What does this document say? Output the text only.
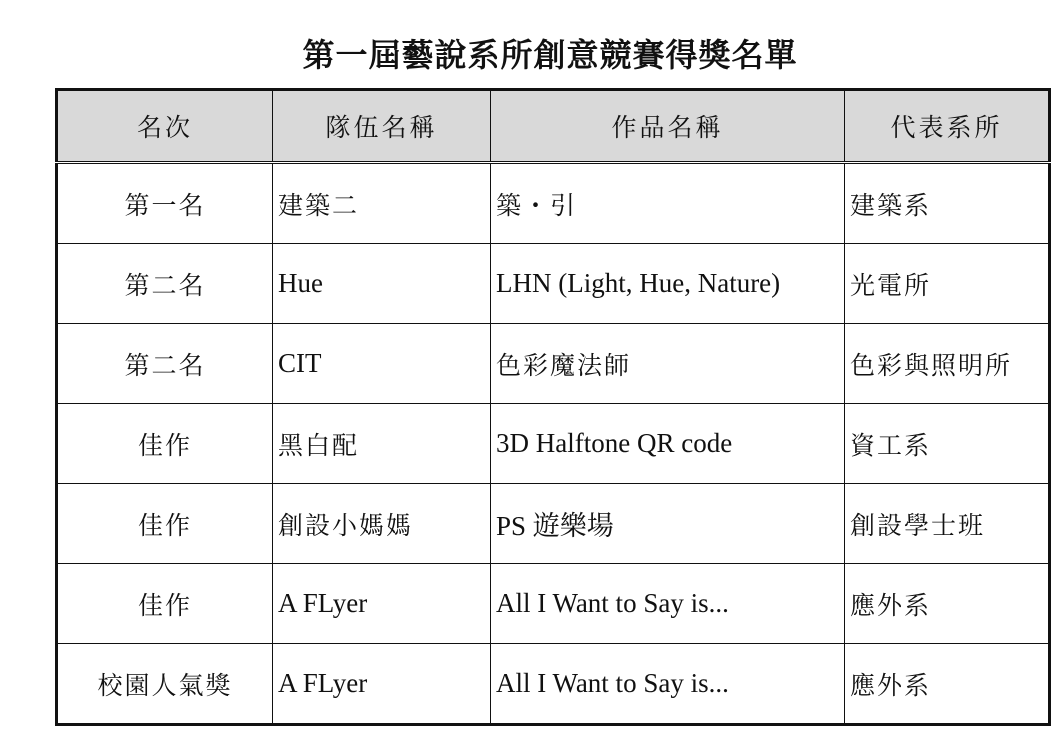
第一屆藝說系所創意競賽得獎名單
名次	隊伍名稱	作品名稱	代表系所
第一名	建築二	築・引	建築系
第二名	Hue	LHN (Light, Hue, Nature)	光電所
第二名	CIT	色彩魔法師	色彩與照明所
佳作	黑白配	3D Halftone QR code	資工系
佳作	創設小媽媽	PS 遊樂場	創設學士班
佳作	A FLyer	All I Want to Say is...	應外系
校園人氣獎	A FLyer	All I Want to Say is...	應外系
